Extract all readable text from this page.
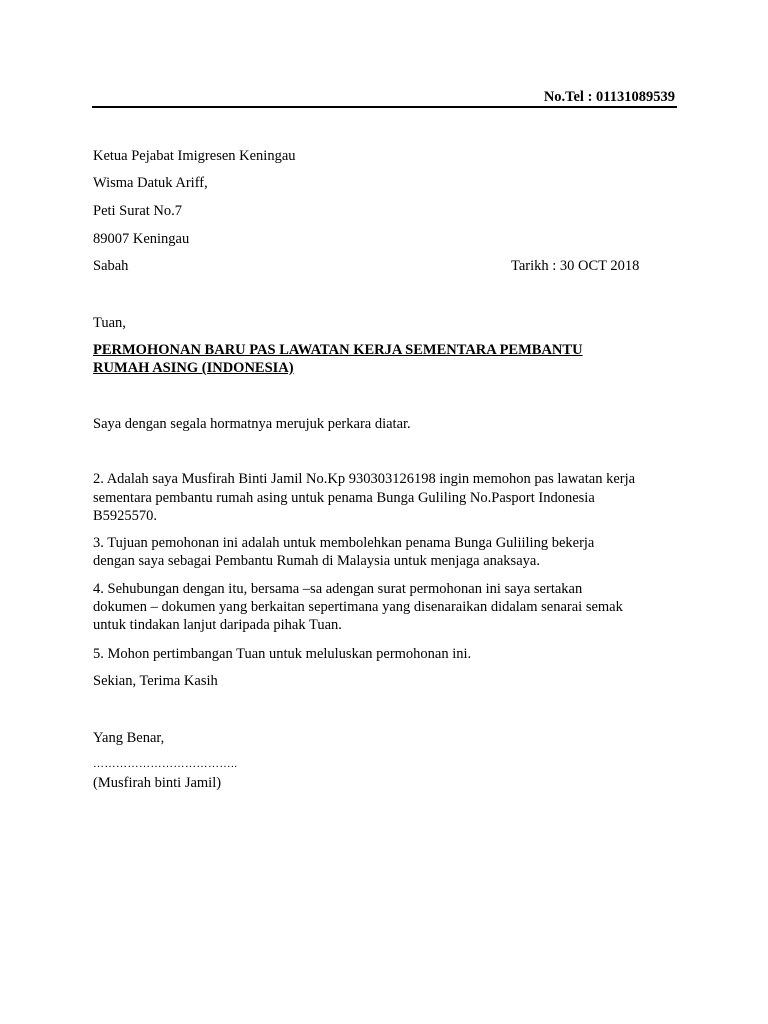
No.Tel : 01131089539
Ketua Pejabat Imigresen Keningau
Wisma Datuk Ariff,
Peti Surat No.7
89007 Keningau
Sabah	Tarikh : 30 OCT 2018
Tuan,
PERMOHONAN BARU PAS LAWATAN KERJA SEMENTARA PEMBANTU
RUMAH ASING (INDONESIA)
Saya dengan segala hormatnya merujuk perkara diatar.
2. Adalah saya Musfirah Binti Jamil No.Kp 930303126198 ingin memohon pas lawatan kerja
sementara pembantu rumah asing untuk penama Bunga Guliling No.Pasport Indonesia
B5925570.
3. Tujuan pemohonan ini adalah untuk membolehkan penama Bunga Guliiling bekerja
dengan saya sebagai Pembantu Rumah di Malaysia untuk menjaga anaksaya.
4. Sehubungan dengan itu, bersama –sa adengan surat permohonan ini saya sertakan
dokumen – dokumen yang berkaitan sepertimana yang disenaraikan didalam senarai semak
untuk tindakan lanjut daripada pihak Tuan.
5. Mohon pertimbangan Tuan untuk meluluskan permohonan ini.
Sekian, Terima Kasih
Yang Benar,
………………………………..
(Musfirah binti Jamil)
